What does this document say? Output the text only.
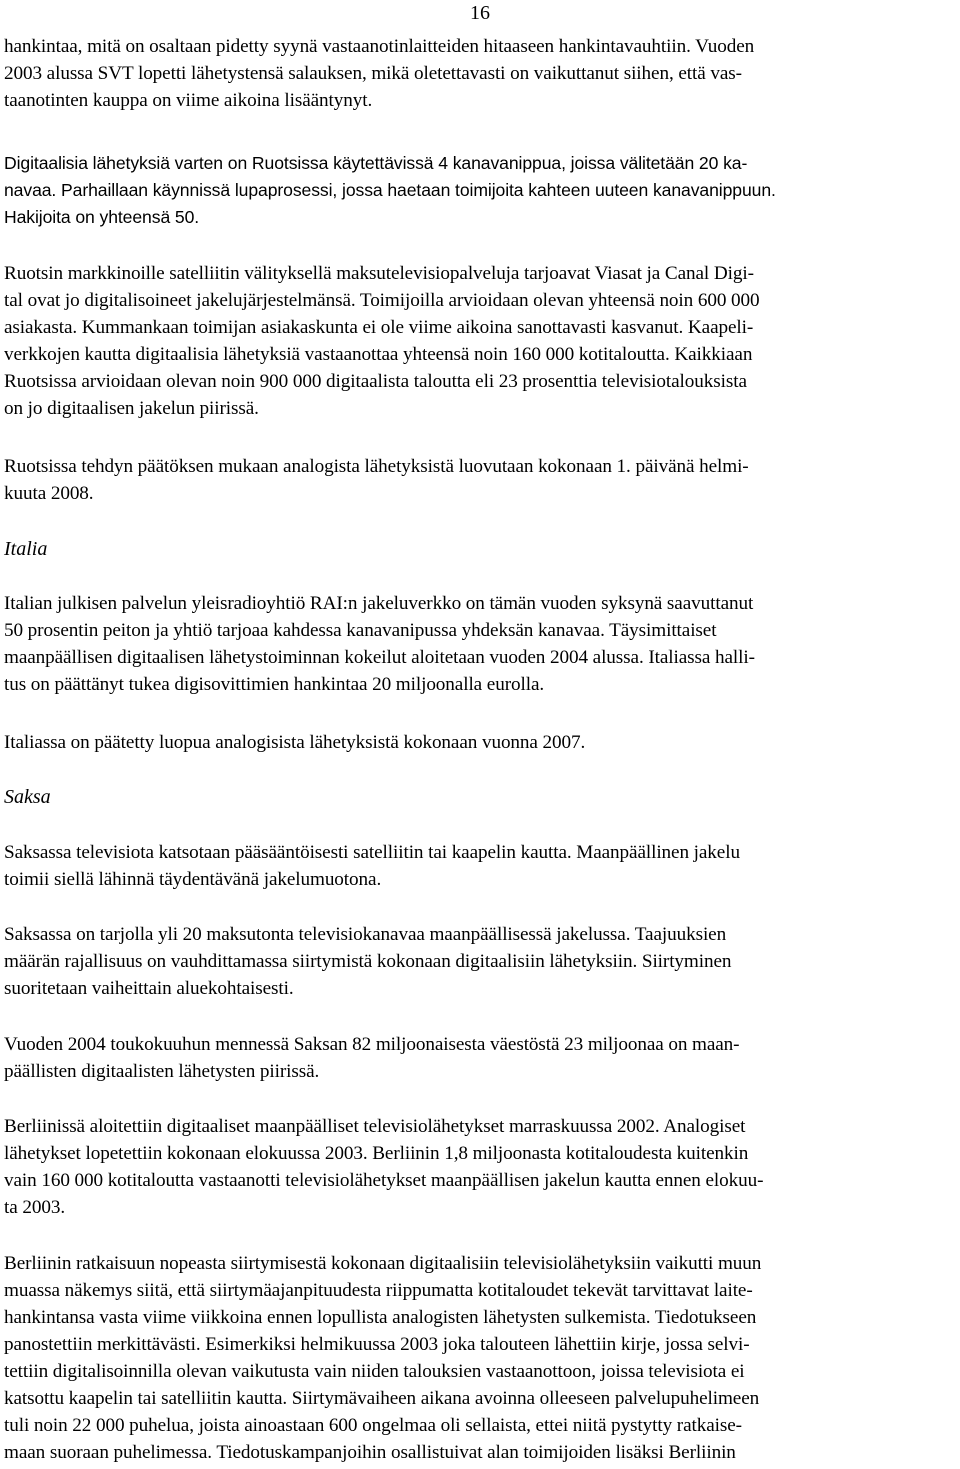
16
hankintaa, mitä on osaltaan pidetty syynä vastaanotinlaitteiden hitaaseen hankintavauhtiin. Vuoden
2003 alussa SVT lopetti lähetystensä salauksen, mikä oletettavasti on vaikuttanut siihen, että vas-
taanotinten kauppa on viime aikoina lisääntynyt.
Digitaalisia lähetyksiä varten on Ruotsissa käytettävissä 4 kanavanippua, joissa välitetään 20 ka-
navaa. Parhaillaan käynnissä lupaprosessi, jossa haetaan toimijoita kahteen uuteen kanavanippuun.
Hakijoita on yhteensä 50.
Ruotsin markkinoille satelliitin välityksellä maksutelevisiopalveluja tarjoavat Viasat ja Canal Digi-
tal ovat jo digitalisoineet jakelujärjestelmänsä. Toimijoilla arvioidaan olevan yhteensä noin 600 000
asiakasta. Kummankaan toimijan asiakaskunta ei ole viime aikoina sanottavasti kasvanut. Kaapeli-
verkkojen kautta digitaalisia lähetyksiä vastaanottaa yhteensä noin 160 000 kotitaloutta. Kaikkiaan
Ruotsissa arvioidaan olevan noin 900 000 digitaalista taloutta eli 23 prosenttia televisiotalouksista
on jo digitaalisen jakelun piirissä.
Ruotsissa tehdyn päätöksen mukaan analogista lähetyksistä luovutaan kokonaan 1. päivänä helmi-
kuuta 2008.
Italia
Italian julkisen palvelun yleisradioyhtiö RAI:n jakeluverkko on tämän vuoden syksynä saavuttanut
50 prosentin peiton ja yhtiö tarjoaa kahdessa kanavanipussa yhdeksän kanavaa. Täysimittaiset
maanpäällisen digitaalisen lähetystoiminnan kokeilut aloitetaan vuoden 2004 alussa. Italiassa halli-
tus on päättänyt tukea digisovittimien hankintaa 20 miljoonalla eurolla.
Italiassa on päätetty luopua analogisista lähetyksistä kokonaan vuonna 2007.
Saksa
Saksassa televisiota katsotaan pääsääntöisesti satelliitin tai kaapelin kautta. Maanpäällinen jakelu
toimii siellä lähinnä täydentävänä jakelumuotona.
Saksassa on tarjolla yli 20 maksutonta televisiokanavaa maanpäällisessä jakelussa. Taajuuksien
määrän rajallisuus on vauhdittamassa siirtymistä kokonaan digitaalisiin lähetyksiin. Siirtyminen
suoritetaan vaiheittain aluekohtaisesti.
Vuoden 2004 toukokuuhun mennessä Saksan 82 miljoonaisesta väestöstä 23 miljoonaa on maan-
päällisten digitaalisten lähetysten piirissä.
Berliinissä aloitettiin digitaaliset maanpäälliset televisiolähetykset marraskuussa 2002. Analogiset
lähetykset lopetettiin kokonaan elokuussa 2003. Berliinin 1,8 miljoonasta kotitaloudesta kuitenkin
vain 160 000 kotitaloutta vastaanotti televisiolähetykset maanpäällisen jakelun kautta ennen elokuu-
ta 2003.
Berliinin ratkaisuun nopeasta siirtymisestä kokonaan digitaalisiin televisiolähetyksiin vaikutti muun
muassa näkemys siitä, että siirtymäajanpituudesta riippumatta kotitaloudet tekevät tarvittavat laite-
hankintansa vasta viime viikkoina ennen lopullista analogisten lähetysten sulkemista. Tiedotukseen
panostettiin merkittävästi. Esimerkiksi helmikuussa 2003 joka talouteen lähettiin kirje, jossa selvi-
tettiin digitalisoinnilla olevan vaikutusta vain niiden talouksien vastaanottoon, joissa televisiota ei
katsottu kaapelin tai satelliitin kautta. Siirtymävaiheen aikana avoinna olleeseen palvelupuhelimeen
tuli noin 22 000 puhelua, joista ainoastaan 600 ongelmaa oli sellaista, ettei niitä pystytty ratkaise-
maan suoraan puhelimessa. Tiedotuskampanjoihin osallistuivat alan toimijoiden lisäksi Berliinin
